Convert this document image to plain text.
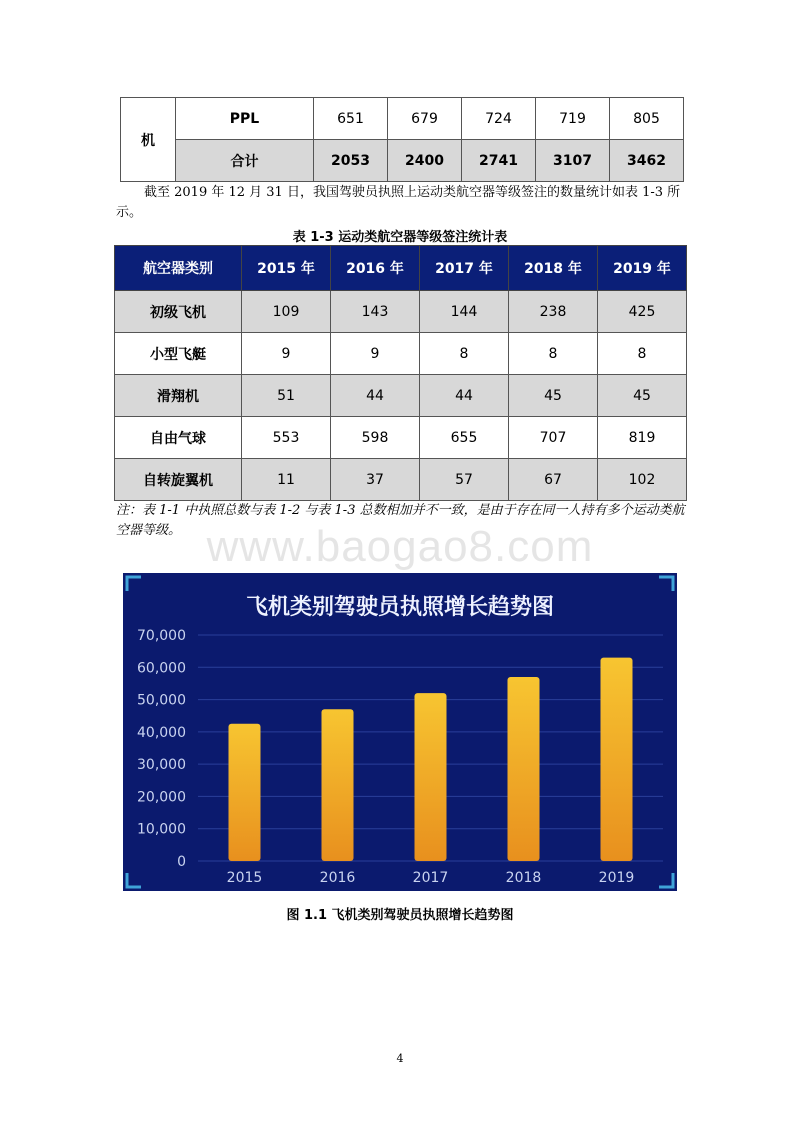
机	PPL	651	679	724	719	805
	合计	2053	2400	2741	3107	3462
截至 2019 年 12 月 31 日，我国驾驶员执照上运动类航空器等级签注的数量统计如表 1-3 所示。
表 1-3 运动类航空器等级签注统计表
航空器类别	2015 年	2016 年	2017 年	2018 年	2019 年
初级飞机	109	143	144	238	425
小型飞艇	9	9	8	8	8
滑翔机	51	44	44	45	45
自由气球	553	598	655	707	819
自转旋翼机	11	37	57	67	102
注：表 1-1 中执照总数与表 1-2 与表 1-3 总数相加并不一致，是由于存在同一人持有多个运动类航空器等级。 www.baogao8.com
飞机类别驾驶员执照增长趋势图
0
10,000
20,000
30,000
40,000
50,000
60,000
70,000
2015	2016	2017	2018	2019
图 1.1 飞机类别驾驶员执照增长趋势图
4
